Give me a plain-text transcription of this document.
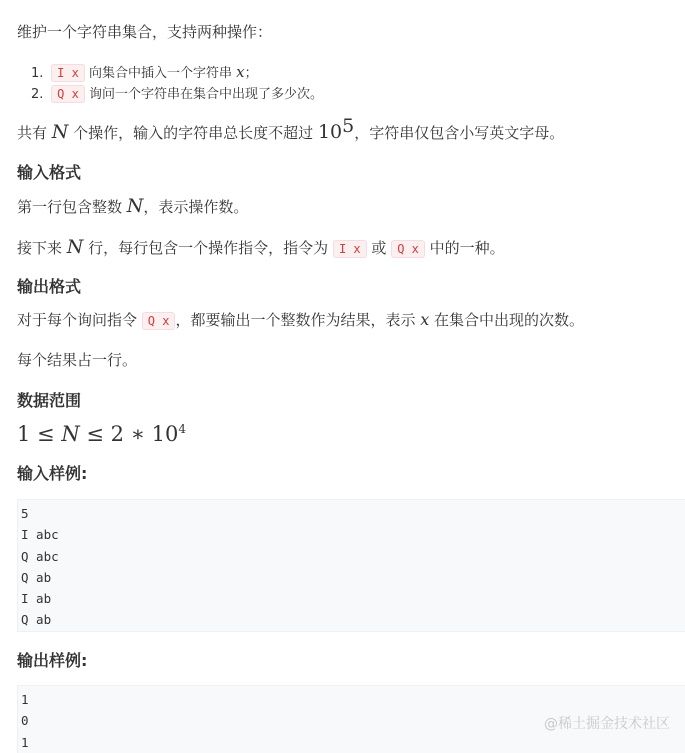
维护一个字符串集合，支持两种操作：

1. I x 向集合中插入一个字符串 x；

2. Q x 询问一个字符串在集合中出现了多少次。

共有 N 个操作，输入的字符串总长度不超过 $10^5$，字符串仅包含小写英文字母。

输入格式

第一行包含整数 N，表示操作数。

接下来 N 行，每行包含一个操作指令，指令为 I x 或 Q x 中的一种。

输出格式

对于每个询问指令 Q x ，都要输出一个整数作为结果，表示 x 在集合中出现的次数。

每个结果占一行。

数据范围

1 ≤ N ≤ 2 ∗ $10^4$

输入样例:
5
I abc
Q abc
Q ab
I ab
Q ab
输出样例:
1
0
1
@稀土掘金技术社区
